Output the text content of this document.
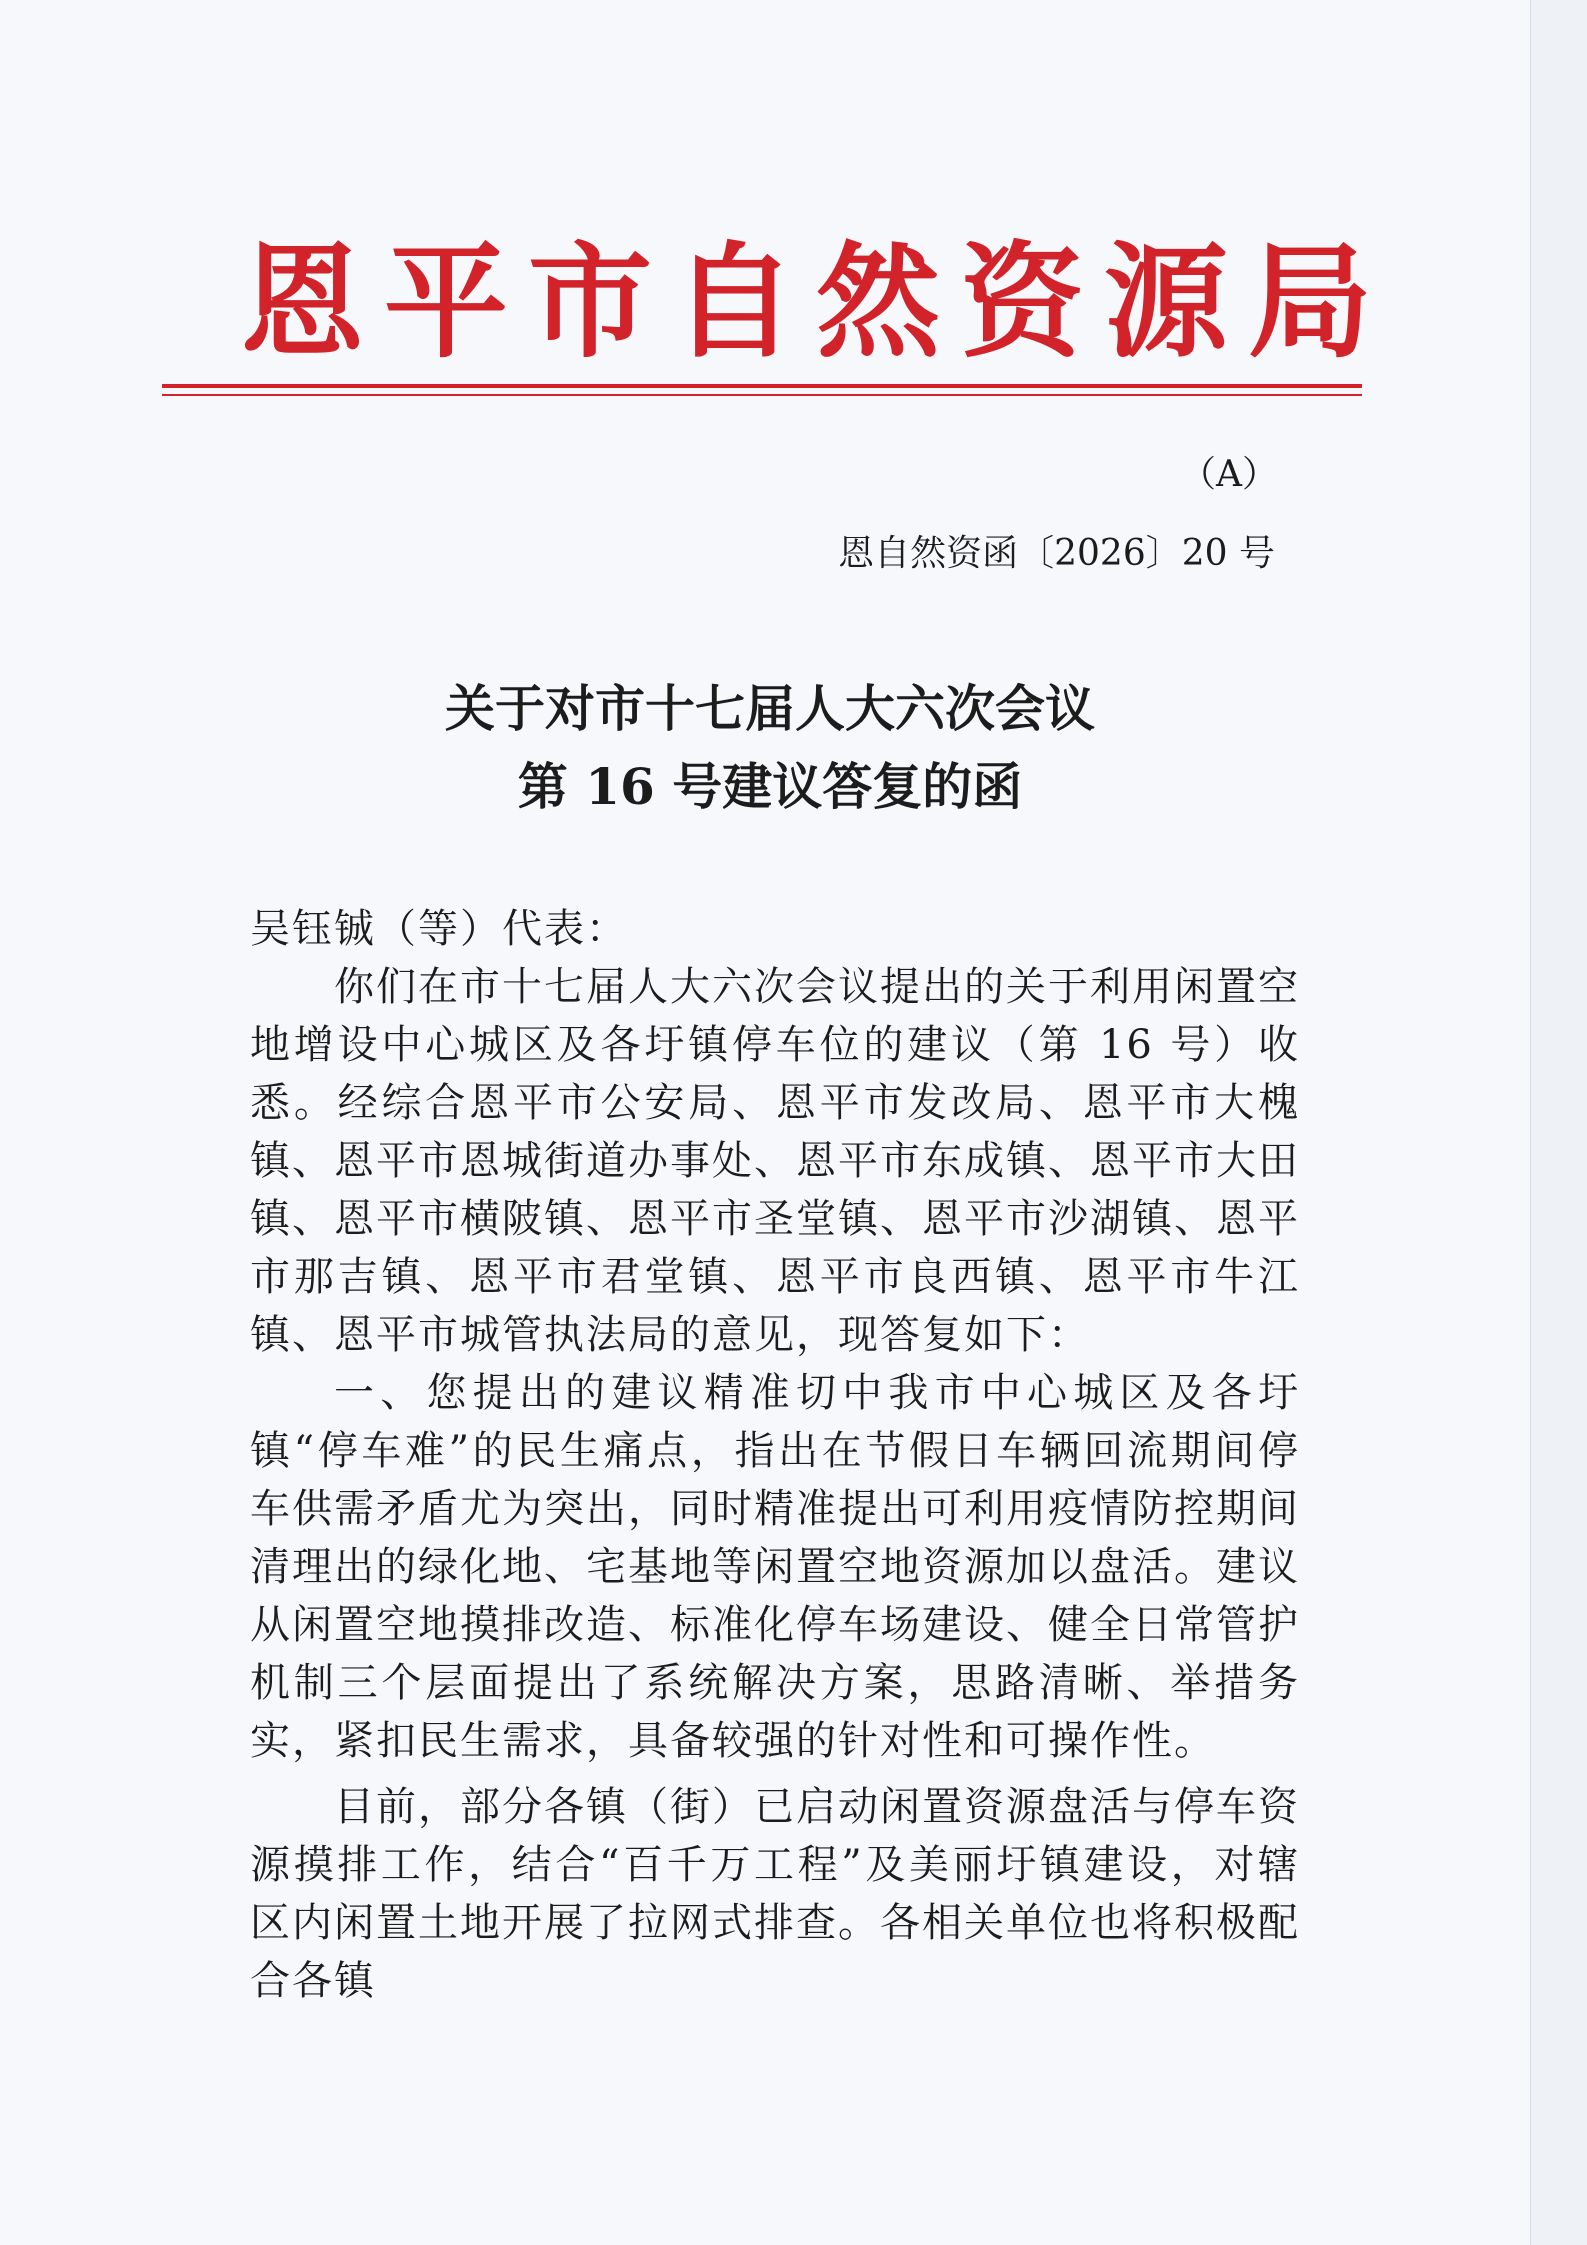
恩平市自然资源局
（A）
恩自然资函〔2026〕20 号
关于对市十七届人大六次会议
第 16 号建议答复的函

吴钰铖（等）代表：

你们在市十七届人大六次会议提出的关于利用闲置空地增设中心城区及各圩镇停车位的建议（第 16 号）收悉。经综合恩平市公安局、恩平市发改局、恩平市大槐镇、恩平市恩城街道办事处、恩平市东成镇、恩平市大田镇、恩平市横陂镇、恩平市圣堂镇、恩平市沙湖镇、恩平市那吉镇、恩平市君堂镇、恩平市良西镇、恩平市牛江镇、恩平市城管执法局的意见，现答复如下：

一、您提出的建议精准切中我市中心城区及各圩镇“停车难”的民生痛点，指出在节假日车辆回流期间停车供需矛盾尤为突出，同时精准提出可利用疫情防控期间清理出的绿化地、宅基地等闲置空地资源加以盘活。建议从闲置空地摸排改造、标准化停车场建设、健全日常管护机制三个层面提出了系统解决方案，思路清晰、举措务实，紧扣民生需求，具备较强的针对性和可操作性。

目前，部分各镇（街）已启动闲置资源盘活与停车资源摸排工作，结合“百千万工程”及美丽圩镇建设，对辖区内闲置土地开展了拉网式排查。各相关单位也将积极配合各镇
